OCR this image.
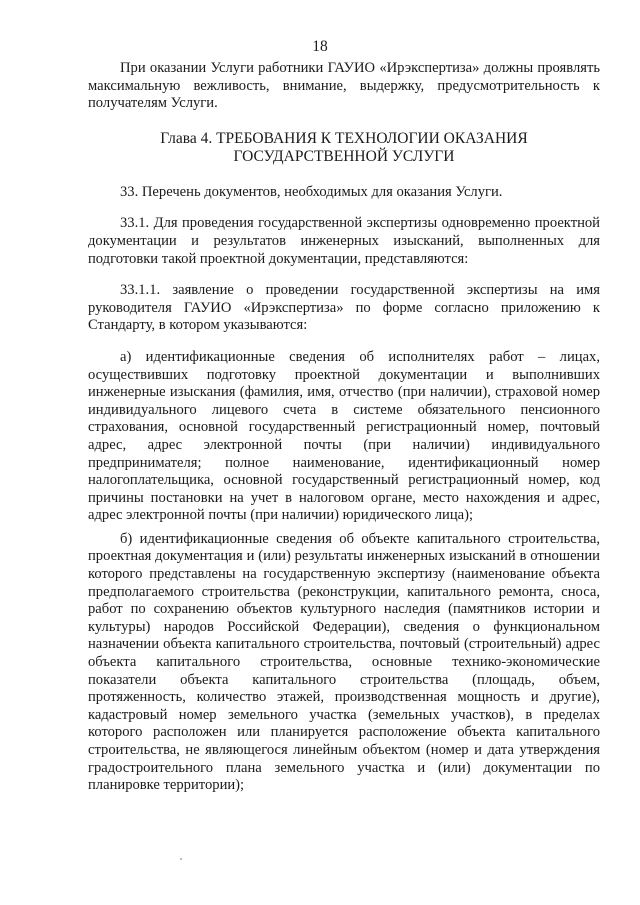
18

При оказании Услуги работники ГАУИО «Ирэкспертиза» должны проявлять максимальную вежливость, внимание, выдержку, предусмотрительность к получателям Услуги.

Глава 4. ТРЕБОВАНИЯ К ТЕХНОЛОГИИ ОКАЗАНИЯ
ГОСУДАРСТВЕННОЙ УСЛУГИ

33. Перечень документов, необходимых для оказания Услуги.

33.1. Для проведения государственной экспертизы одновременно проектной документации и результатов инженерных изысканий, выполненных для подготовки такой проектной документации, представляются:

33.1.1. заявление о проведении государственной экспертизы на имя руководителя ГАУИО «Ирэкспертиза» по форме согласно приложению к Стандарту, в котором указываются:

а) идентификационные сведения об исполнителях работ – лицах, осуществивших подготовку проектной документации и выполнивших инженерные изыскания (фамилия, имя, отчество (при наличии), страховой номер индивидуального лицевого счета в системе обязательного пенсионного страхования, основной государственный регистрационный номер, почтовый адрес, адрес электронной почты (при наличии) индивидуального предпринимателя; полное наименование, идентификационный номер налогоплательщика, основной государственный регистрационный номер, код причины постановки на учет в налоговом органе, место нахождения и адрес, адрес электронной почты (при наличии) юридического лица);

б) идентификационные сведения об объекте капитального строительства, проектная документация и (или) результаты инженерных изысканий в отношении которого представлены на государственную экспертизу (наименование объекта предполагаемого строительства (реконструкции, капитального ремонта, сноса, работ по сохранению объектов культурного наследия (памятников истории и культуры) народов Российской Федерации), сведения о функциональном назначении объекта капитального строительства, почтовый (строительный) адрес объекта капитального строительства, основные технико-экономические показатели объекта капитального строительства (площадь, объем, протяженность, количество этажей, производственная мощность и другие), кадастровый номер земельного участка (земельных участков), в пределах которого расположен или планируется расположение объекта капитального строительства, не являющегося линейным объектом (номер и дата утверждения градостроительного плана земельного участка и (или) документации по планировке территории);
